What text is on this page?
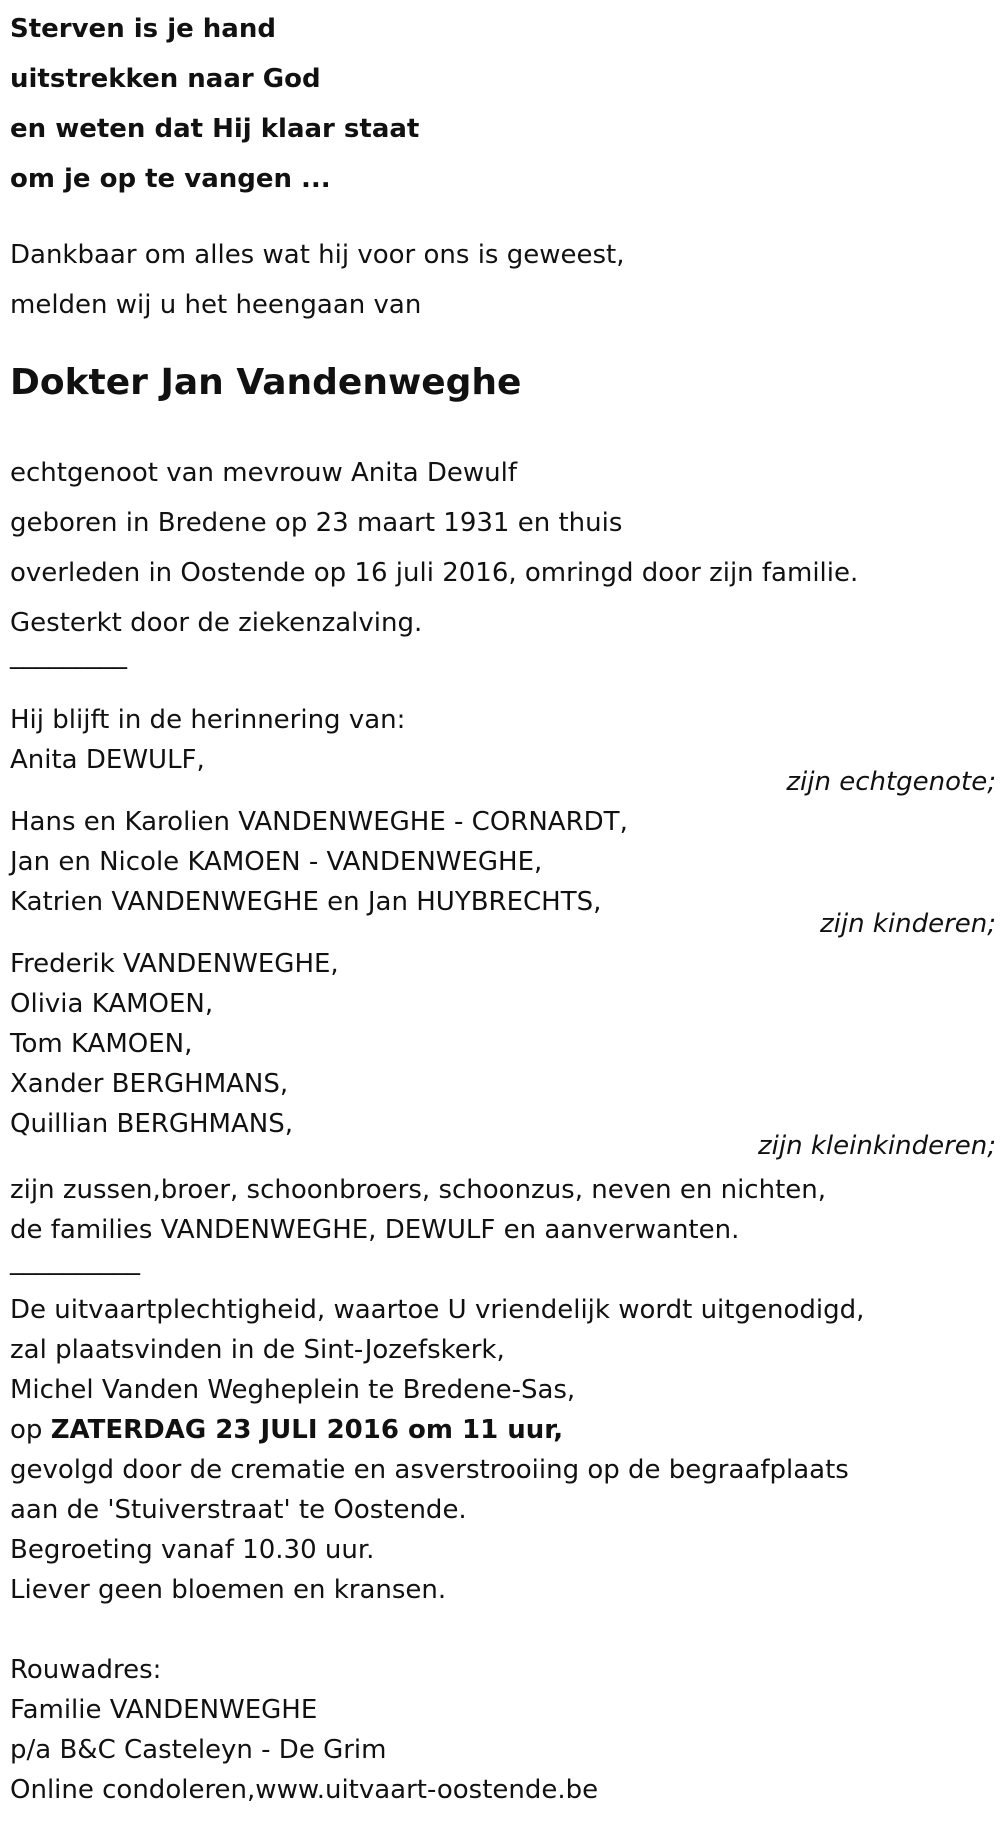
Sterven is je hand
uitstrekken naar God
en weten dat Hij klaar staat
om je op te vangen ...
Dankbaar om alles wat hij voor ons is geweest,
melden wij u het heengaan van
Dokter Jan Vandenweghe
echtgenoot van mevrouw Anita Dewulf
geboren in Bredene op 23 maart 1931 en thuis
overleden in Oostende op 16 juli 2016, omringd door zijn familie.
Gesterkt door de ziekenzalving.
_________
Hij blijft in de herinnering van:
Anita DEWULF,
zijn echtgenote;
Hans en Karolien VANDENWEGHE - CORNARDT,
Jan en Nicole KAMOEN - VANDENWEGHE,
Katrien VANDENWEGHE en Jan HUYBRECHTS,
zijn kinderen;
Frederik VANDENWEGHE,
Olivia KAMOEN,
Tom KAMOEN,
Xander BERGHMANS,
Quillian BERGHMANS,
zijn kleinkinderen;
zijn zussen,broer, schoonbroers, schoonzus, neven en nichten,
de families VANDENWEGHE, DEWULF en aanverwanten.
__________
De uitvaartplechtigheid, waartoe U vriendelijk wordt uitgenodigd,
zal plaatsvinden in de Sint-Jozefskerk,
Michel Vanden Wegheplein te Bredene-Sas,
op ZATERDAG 23 JULI 2016 om 11 uur,
gevolgd door de crematie en asverstrooiing op de begraafplaats
aan de 'Stuiverstraat' te Oostende.
Begroeting vanaf 10.30 uur.
Liever geen bloemen en kransen.
Rouwadres:
Familie VANDENWEGHE
p/a B&C Casteleyn - De Grim
Online condoleren,www.uitvaart-oostende.be
